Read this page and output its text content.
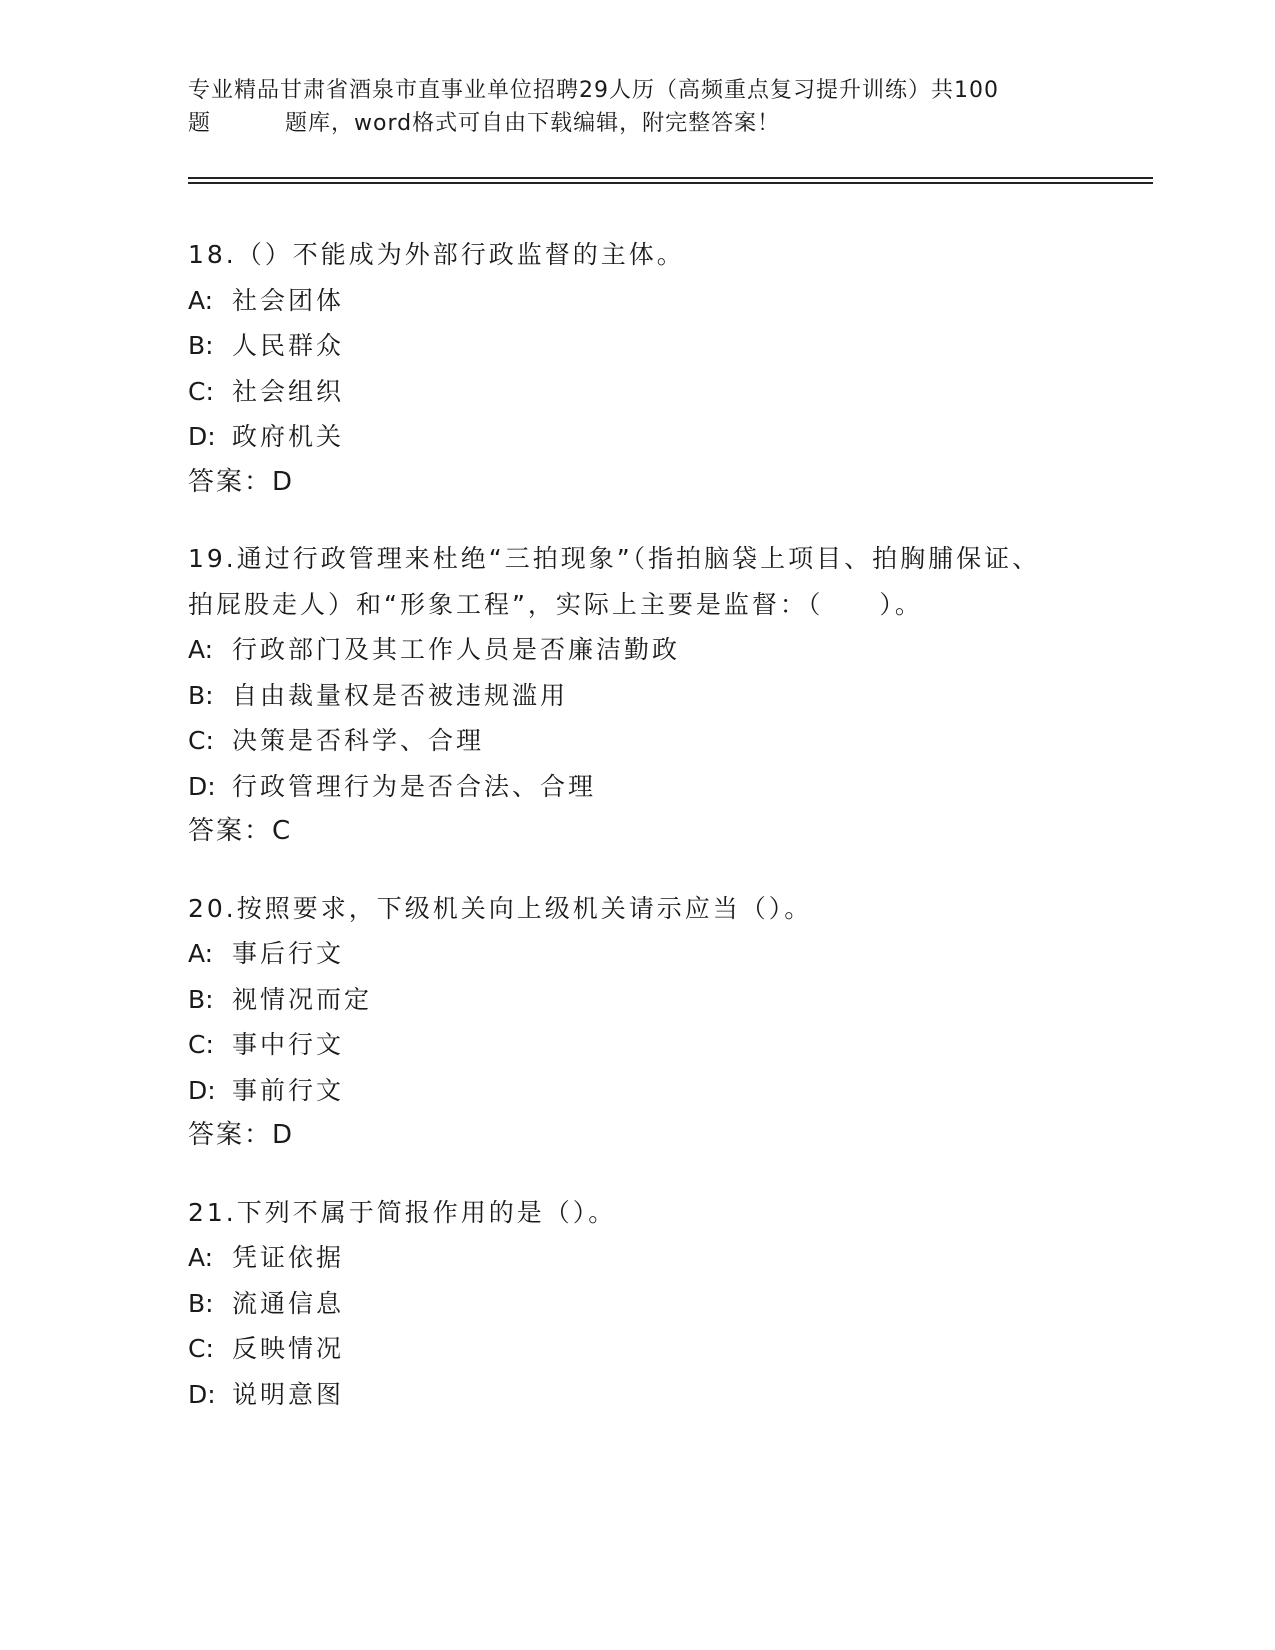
专业精品甘肃省酒泉市直事业单位招聘29人历（高频重点复习提升训练）共100
题	题库，word格式可自由下载编辑，附完整答案！
18.（）不能成为外部行政监督的主体。
A: 社会团体
B: 人民群众
C: 社会组织
D: 政府机关
答案：D
19.通过行政管理来杜绝“三拍现象”（指拍脑袋上项目、拍胸脯保证、拍屁股走人）和“形象工程”，实际上主要是监督：（　　）。
A: 行政部门及其工作人员是否廉洁勤政
B: 自由裁量权是否被违规滥用
C: 决策是否科学、合理
D: 行政管理行为是否合法、合理
答案：C
20.按照要求，下级机关向上级机关请示应当（）。
A: 事后行文
B: 视情况而定
C: 事中行文
D: 事前行文
答案：D
21.下列不属于简报作用的是（）。
A: 凭证依据
B: 流通信息
C: 反映情况
D: 说明意图
